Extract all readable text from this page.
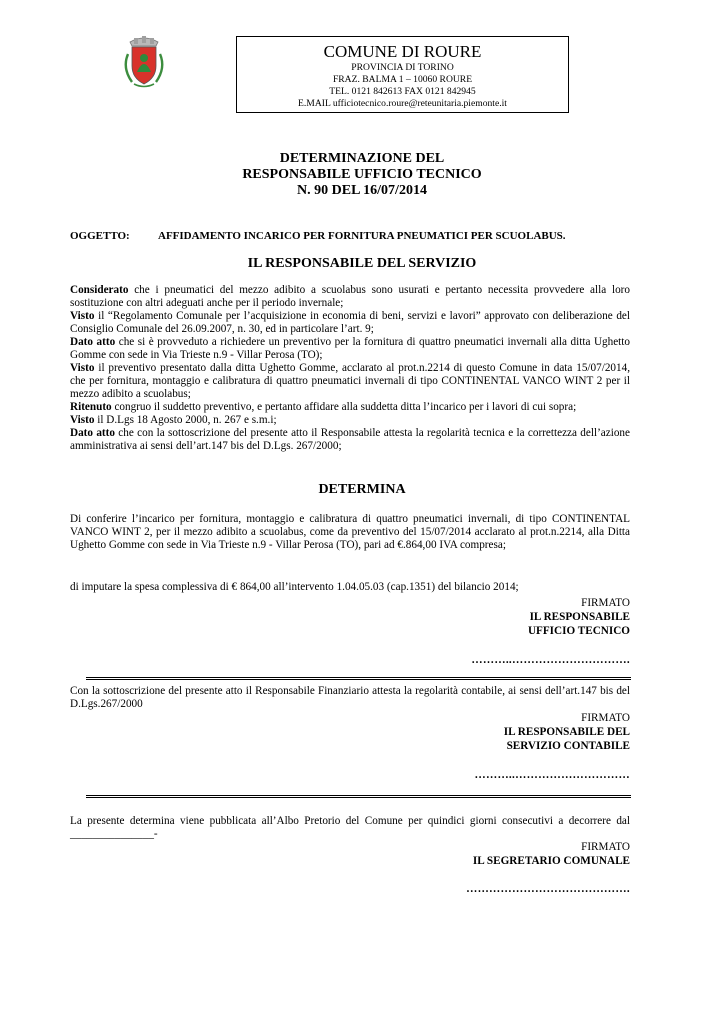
COMUNE DI ROURE
PROVINCIA DI TORINO
FRAZ. BALMA 1 – 10060 ROURE
TEL. 0121 842613 FAX 0121 842945
E.MAIL ufficiotecnico.roure@reteunitaria.piemonte.it
DETERMINAZIONE DEL
RESPONSABILE UFFICIO TECNICO
N. 90 DEL 16/07/2014
OGGETTO:	AFFIDAMENTO INCARICO PER FORNITURA PNEUMATICI PER SCUOLABUS.
IL RESPONSABILE DEL SERVIZIO

Considerato che i pneumatici del mezzo adibito a scuolabus sono usurati e pertanto necessita provvedere alla loro sostituzione con altri adeguati anche per il periodo invernale;

Visto il “Regolamento Comunale per l’acquisizione in economia di beni, servizi e lavori” approvato con deliberazione del Consiglio Comunale del 26.09.2007, n. 30, ed in particolare l’art. 9;

Dato atto che si è provveduto a richiedere un preventivo per la fornitura di quattro pneumatici invernali alla ditta Ughetto Gomme con sede in Via Trieste n.9 - Villar Perosa (TO);

Visto il preventivo presentato dalla ditta Ughetto Gomme, acclarato al prot.n.2214 di questo Comune in data 15/07/2014, che per fornitura, montaggio e calibratura di quattro pneumatici invernali di tipo CONTINENTAL VANCO WINT 2 per il mezzo adibito a scuolabus;

Ritenuto congruo il suddetto preventivo, e pertanto affidare alla suddetta ditta l’incarico per i lavori di cui sopra;

Visto il D.Lgs 18 Agosto 2000, n. 267 e s.m.i;

Dato atto che con la sottoscrizione del presente atto il Responsabile attesta la regolarità tecnica e la correttezza dell’azione amministrativa ai sensi dell’art.147 bis del D.Lgs. 267/2000;

DETERMINA
Di conferire l’incarico per fornitura, montaggio e calibratura di quattro pneumatici invernali, di tipo CONTINENTAL VANCO WINT 2, per il mezzo adibito a scuolabus, come da preventivo del 15/07/2014 acclarato al prot.n.2214, alla Ditta Ughetto Gomme con sede in Via Trieste n.9 - Villar Perosa (TO), pari ad €.864,00 IVA compresa;
di imputare la spesa complessiva di € 864,00 all’intervento 1.04.05.03 (cap.1351) del bilancio 2014;
FIRMATO
IL RESPONSABILE
UFFICIO TECNICO
………..………………………….
Con la sottoscrizione del presente atto il Responsabile Finanziario attesta la regolarità contabile, ai sensi dell’art.147 bis del D.Lgs.267/2000
FIRMATO
IL RESPONSABILE DEL
SERVIZIO CONTABILE
………..…………………………
La presente determina viene pubblicata all’Albo Pretorio del Comune per quindici giorni consecutivi a decorrere dal _______________-
FIRMATO
IL SEGRETARIO COMUNALE
…………………………………….
